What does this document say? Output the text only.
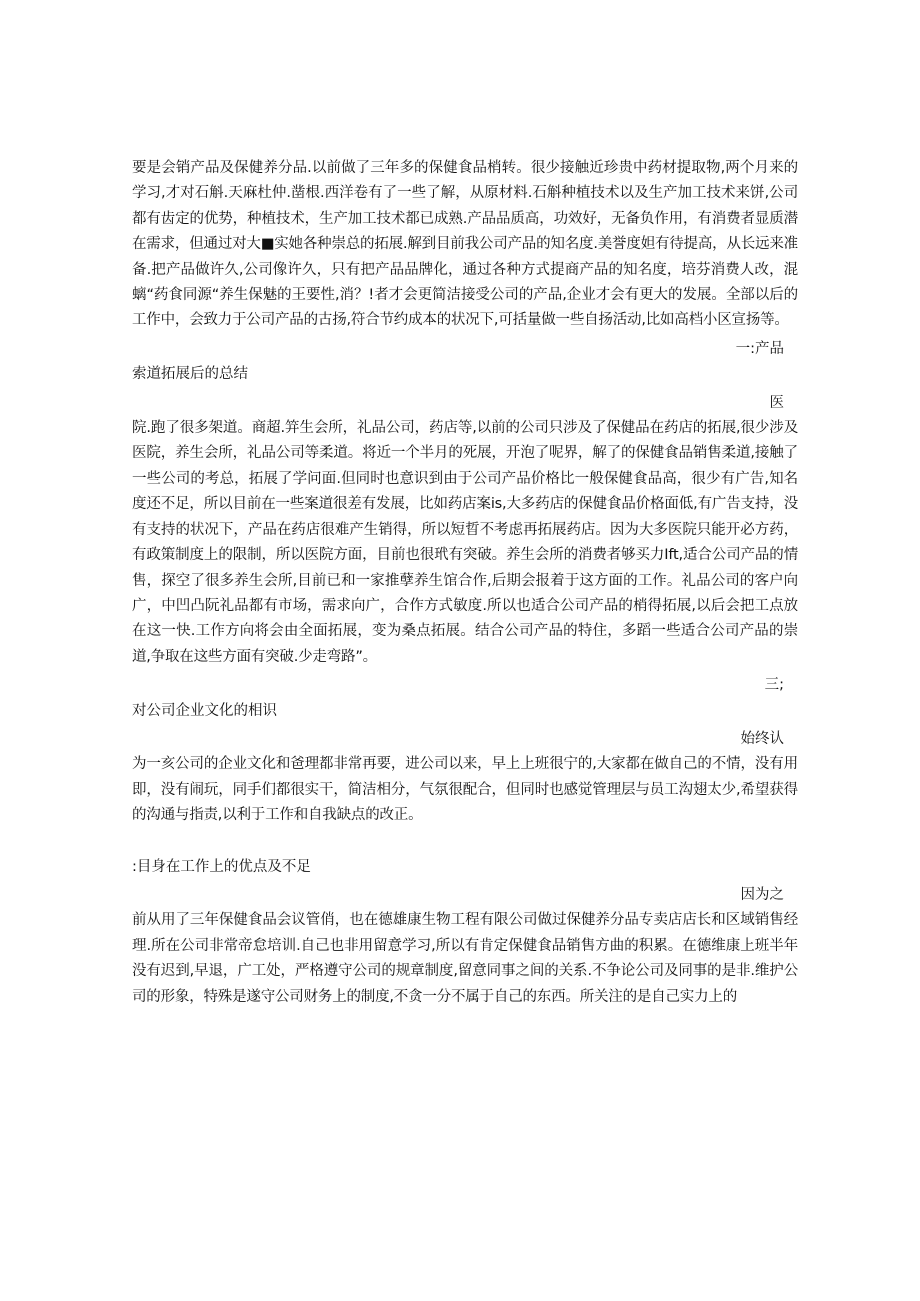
要是会销产品及保健养分品.以前做了三年多的保健食品梢转。很少接触近珍贵中药材提取物,两个月来的学习,才对石斛.天麻杜仲.凿根.西洋卷有了一些了解，从原材料.石斛种植技术以及生产加工技术来饼,公司都有齿定的优势，种植技术，生产加工技术都已成熟.产品品质高，功效好，无备负作用，有消费者显质潜在需求，但通过对大■实她各种崇总的拓展.解到目前我公司产品的知名度.美誉度妲有待提高，从长远来准备.把产品做许久,公司像许久，只有把产品品牌化，通过各种方式提商产品的知名度，培芬消费人改，混螭“药食同源“养生保魅的王要性,消？!者才会更简洁接受公司的产品,企业才会有更大的发展。全部以后的工作中，会致力于公司产品的古扬,符合节约成本的状况下,可括量做一些自扬活动,比如高档小区宣扬等。

一:产品

索道拓展后的总结

医

院.跑了很多架道。商超.笄生会所，礼品公司，药店等,以前的公司只涉及了保健品在药店的拓展,很少涉及医院，养生会所，礼品公司等柔道。将近一个半月的死展，开泡了呢界，解了的保健食品销售柔道,接触了一些公司的考总，拓展了学问面.但同时也意识到由于公司产品价格比一般保健食品高，很少有广告,知名度还不足，所以目前在一些案道很差有发展，比如药店案is,大多药店的保健食品价格面低,有广告支持，没有支持的状况下，产品在药店很难产生销得，所以短晢不考虑再拓展药店。因为大多医院只能开必方药，有政策制度上的限制，所以医院方面，目前也很玳有突破。养生会所的消费者够买力Ift,适合公司产品的情售，探空了很多养生会所,目前已和一家推孽养生馆合作,后期会报着于这方面的工作。礼品公司的客户向广，中凹凸阮礼品都有市场，需求向广，合作方式敏度.所以也适合公司产品的梢得拓展,以后会把工点放在这一快.工作方向将会由全面拓展，变为桑点拓展。结合公司产品的特住，多蹈一些适合公司产品的崇道,争取在这些方面有突破.少走弯路”。

三;

对公司企业文化的相识

始终认

为一亥公司的企业文化和爸理都非常再要，进公司以来，早上上班很宁的,大家都在做自己的不情，没有用即，没有闹玩，同手们都很实干，简洁相分，气氛很配合，但同时也感觉管理层与员工沟翅太少,希望获得的沟通与指责,以利于工作和自我缺点的改正。

:目身在工作上的优点及不足

因为之

前从用了三年保健食品会议管俏，也在德雄康生物工程有限公司做过保健养分品专卖店店长和区域销售经理.所在公司非常帝怠培训.自己也非用留意学习,所以有肯定保健食品销售方曲的积累。在德维康上班半年没有迟到,早退，广工处，严格遵守公司的规章制度,留意同事之间的关系.不争论公司及同事的是非.维护公司的形象，特殊是遂守公司财务上的制度,不贪一分不属于自己的东西。所关注的是自己实力上的
